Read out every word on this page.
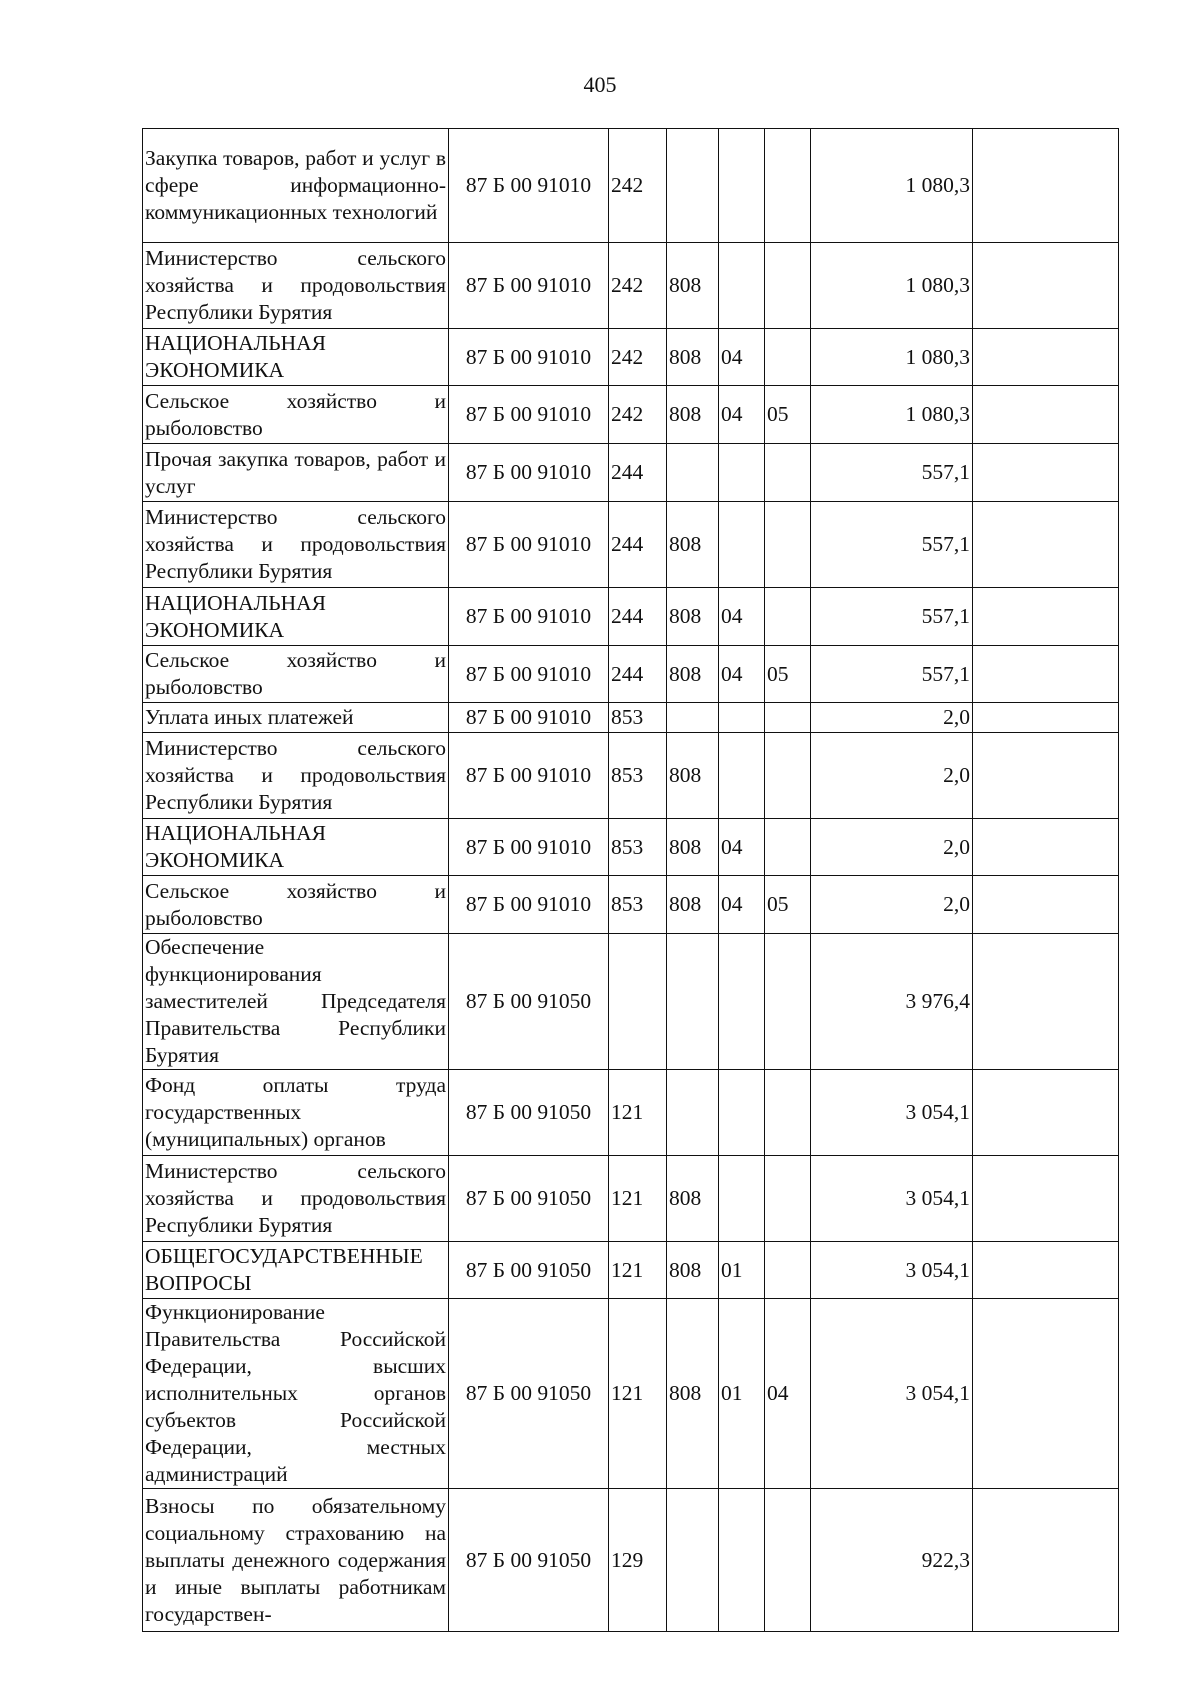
405
Закупка товаров, работ и услуг в сфере информационно-коммуникационных технологий	87 Б 00 91010	242				1 080,3	
Министерство сельского хозяйства и продовольствия Республики Бурятия	87 Б 00 91010	242	808			1 080,3	
НАЦИОНАЛЬНАЯ ЭКОНОМИКА	87 Б 00 91010	242	808	04		1 080,3	
Сельское хозяйство и рыболовство	87 Б 00 91010	242	808	04	05	1 080,3	
Прочая закупка товаров, работ и услуг	87 Б 00 91010	244				557,1	
Министерство сельского хозяйства и продовольствия Республики Бурятия	87 Б 00 91010	244	808			557,1	
НАЦИОНАЛЬНАЯ ЭКОНОМИКА	87 Б 00 91010	244	808	04		557,1	
Сельское хозяйство и рыболовство	87 Б 00 91010	244	808	04	05	557,1	
Уплата иных платежей	87 Б 00 91010	853				2,0	
Министерство сельского хозяйства и продовольствия Республики Бурятия	87 Б 00 91010	853	808			2,0	
НАЦИОНАЛЬНАЯ ЭКОНОМИКА	87 Б 00 91010	853	808	04		2,0	
Сельское хозяйство и рыболовство	87 Б 00 91010	853	808	04	05	2,0	
Обеспечение функционирования заместителей Председателя Правительства Республики Бурятия	87 Б 00 91050					3 976,4	
Фонд оплаты труда государственных (муниципальных) органов	87 Б 00 91050	121				3 054,1	
Министерство сельского хозяйства и продовольствия Республики Бурятия	87 Б 00 91050	121	808			3 054,1	
ОБЩЕГОСУДАРСТВЕННЫЕ ВОПРОСЫ	87 Б 00 91050	121	808	01		3 054,1	
Функционирование Правительства Российской Федерации, высших исполнительных органов субъектов Российской Федерации, местных администраций	87 Б 00 91050	121	808	01	04	3 054,1	
Взносы по обязательному социальному страхованию на выплаты денежного содержания и иные выплаты работникам государствен-	87 Б 00 91050	129				922,3	
